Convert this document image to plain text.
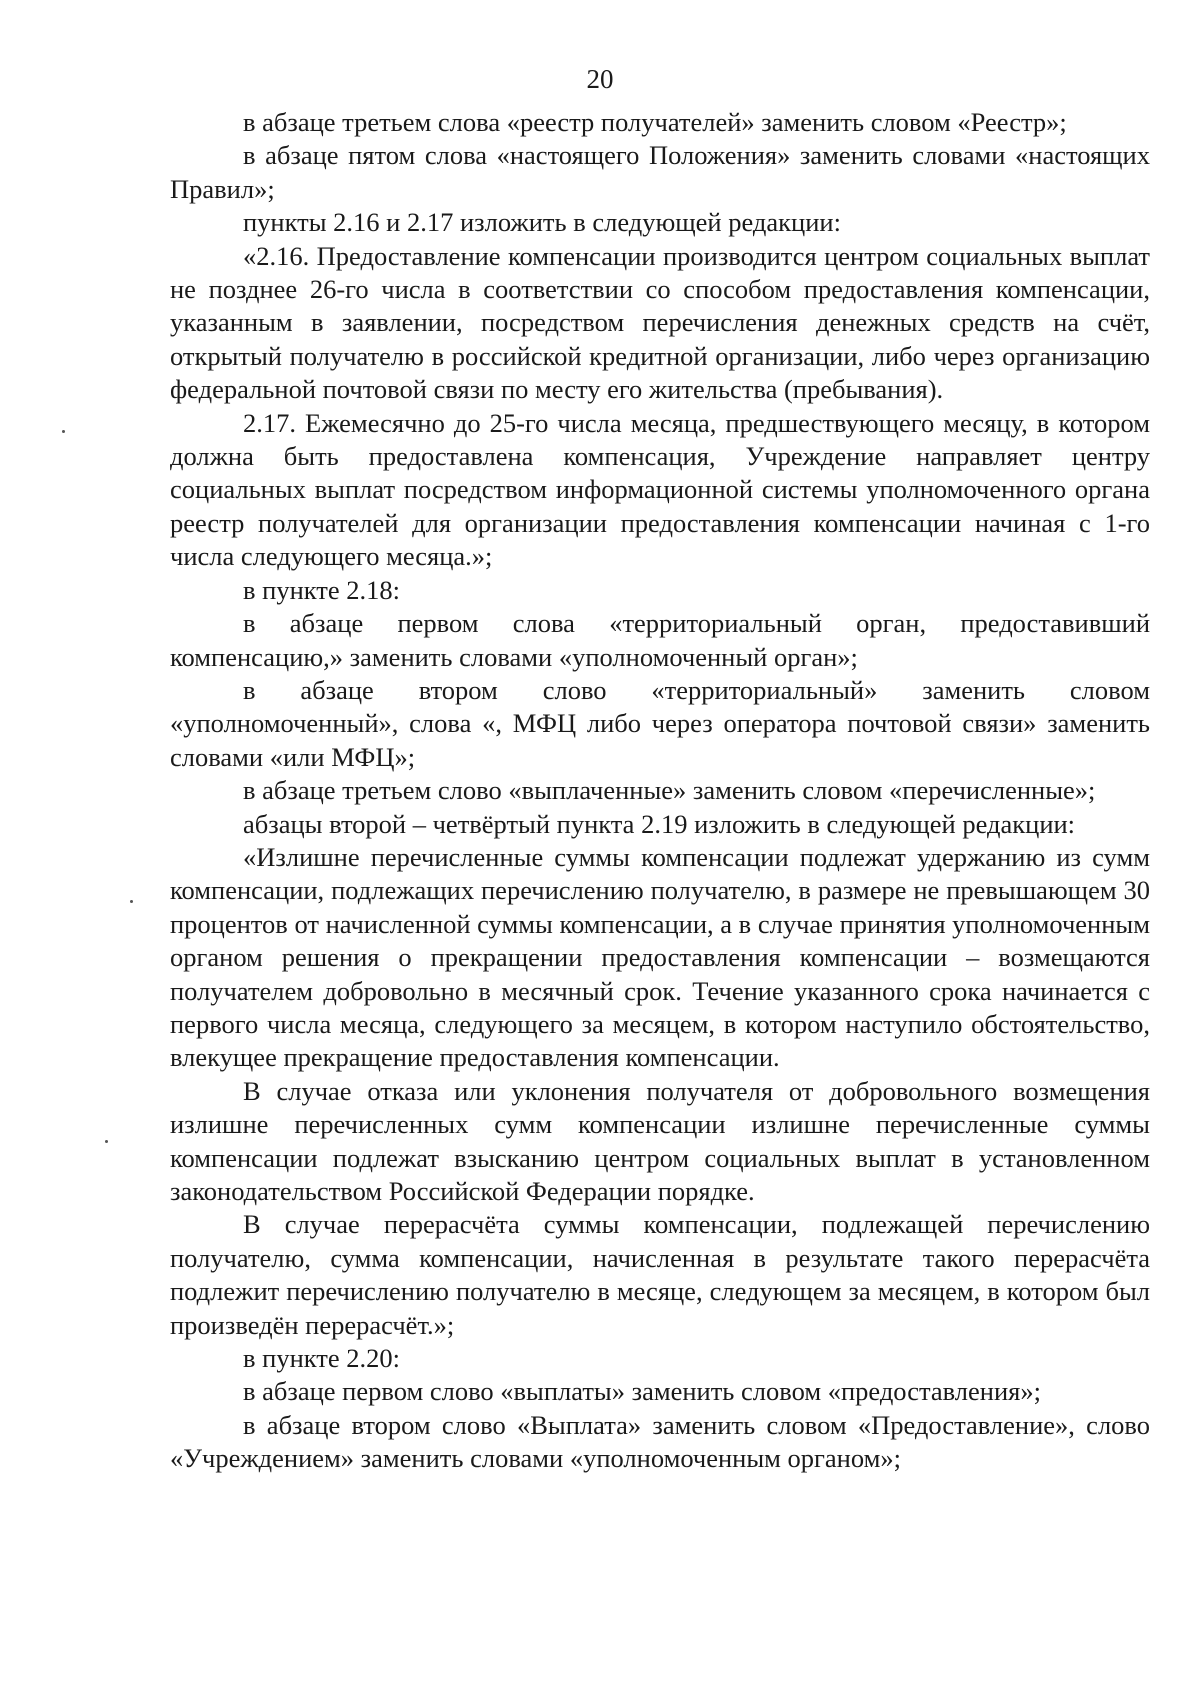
20

в абзаце третьем слова «реестр получателей» заменить словом «Реестр»;

в абзаце пятом слова «настоящего Положения» заменить словами «настоящих Правил»;

пункты 2.16 и 2.17 изложить в следующей редакции:

«2.16. Предоставление компенсации производится центром социальных выплат не позднее 26-го числа в соответствии со способом предоставления компенсации, указанным в заявлении, посредством перечисления денежных средств на счёт, открытый получателю в российской кредитной организации, либо через организацию федеральной почтовой связи по месту его жительства (пребывания).

2.17. Ежемесячно до 25-го числа месяца, предшествующего месяцу, в котором должна быть предоставлена компенсация, Учреждение направляет центру социальных выплат посредством информационной системы уполномоченного органа реестр получателей для организации предоставления компенсации начиная с 1-го числа следующего месяца.»;

в пункте 2.18:

в абзаце первом слова «территориальный орган, предоставивший компенсацию,» заменить словами «уполномоченный орган»;

в абзаце втором слово «территориальный» заменить словом «уполномоченный», слова «, МФЦ либо через оператора почтовой связи» заменить словами «или МФЦ»;

в абзаце третьем слово «выплаченные» заменить словом «перечисленные»;

абзацы второй – четвёртый пункта 2.19 изложить в следующей редакции:

«Излишне перечисленные суммы компенсации подлежат удержанию из сумм компенсации, подлежащих перечислению получателю, в размере не превышающем 30 процентов от начисленной суммы компенсации, а в случае принятия уполномоченным органом решения о прекращении предоставления компенсации – возмещаются получателем добровольно в месячный срок. Течение указанного срока начинается с первого числа месяца, следующего за месяцем, в котором наступило обстоятельство, влекущее прекращение предоставления компенсации.

В случае отказа или уклонения получателя от добровольного возмещения излишне перечисленных сумм компенсации излишне перечисленные суммы компенсации подлежат взысканию центром социальных выплат в установленном законодательством Российской Федерации порядке.

В случае перерасчёта суммы компенсации, подлежащей перечислению получателю, сумма компенсации, начисленная в результате такого перерасчёта подлежит перечислению получателю в месяце, следующем за месяцем, в котором был произведён перерасчёт.»;

в пункте 2.20:

в абзаце первом слово «выплаты» заменить словом «предоставления»;

в абзаце втором слово «Выплата» заменить словом «Предоставление», слово «Учреждением» заменить словами «уполномоченным органом»;
